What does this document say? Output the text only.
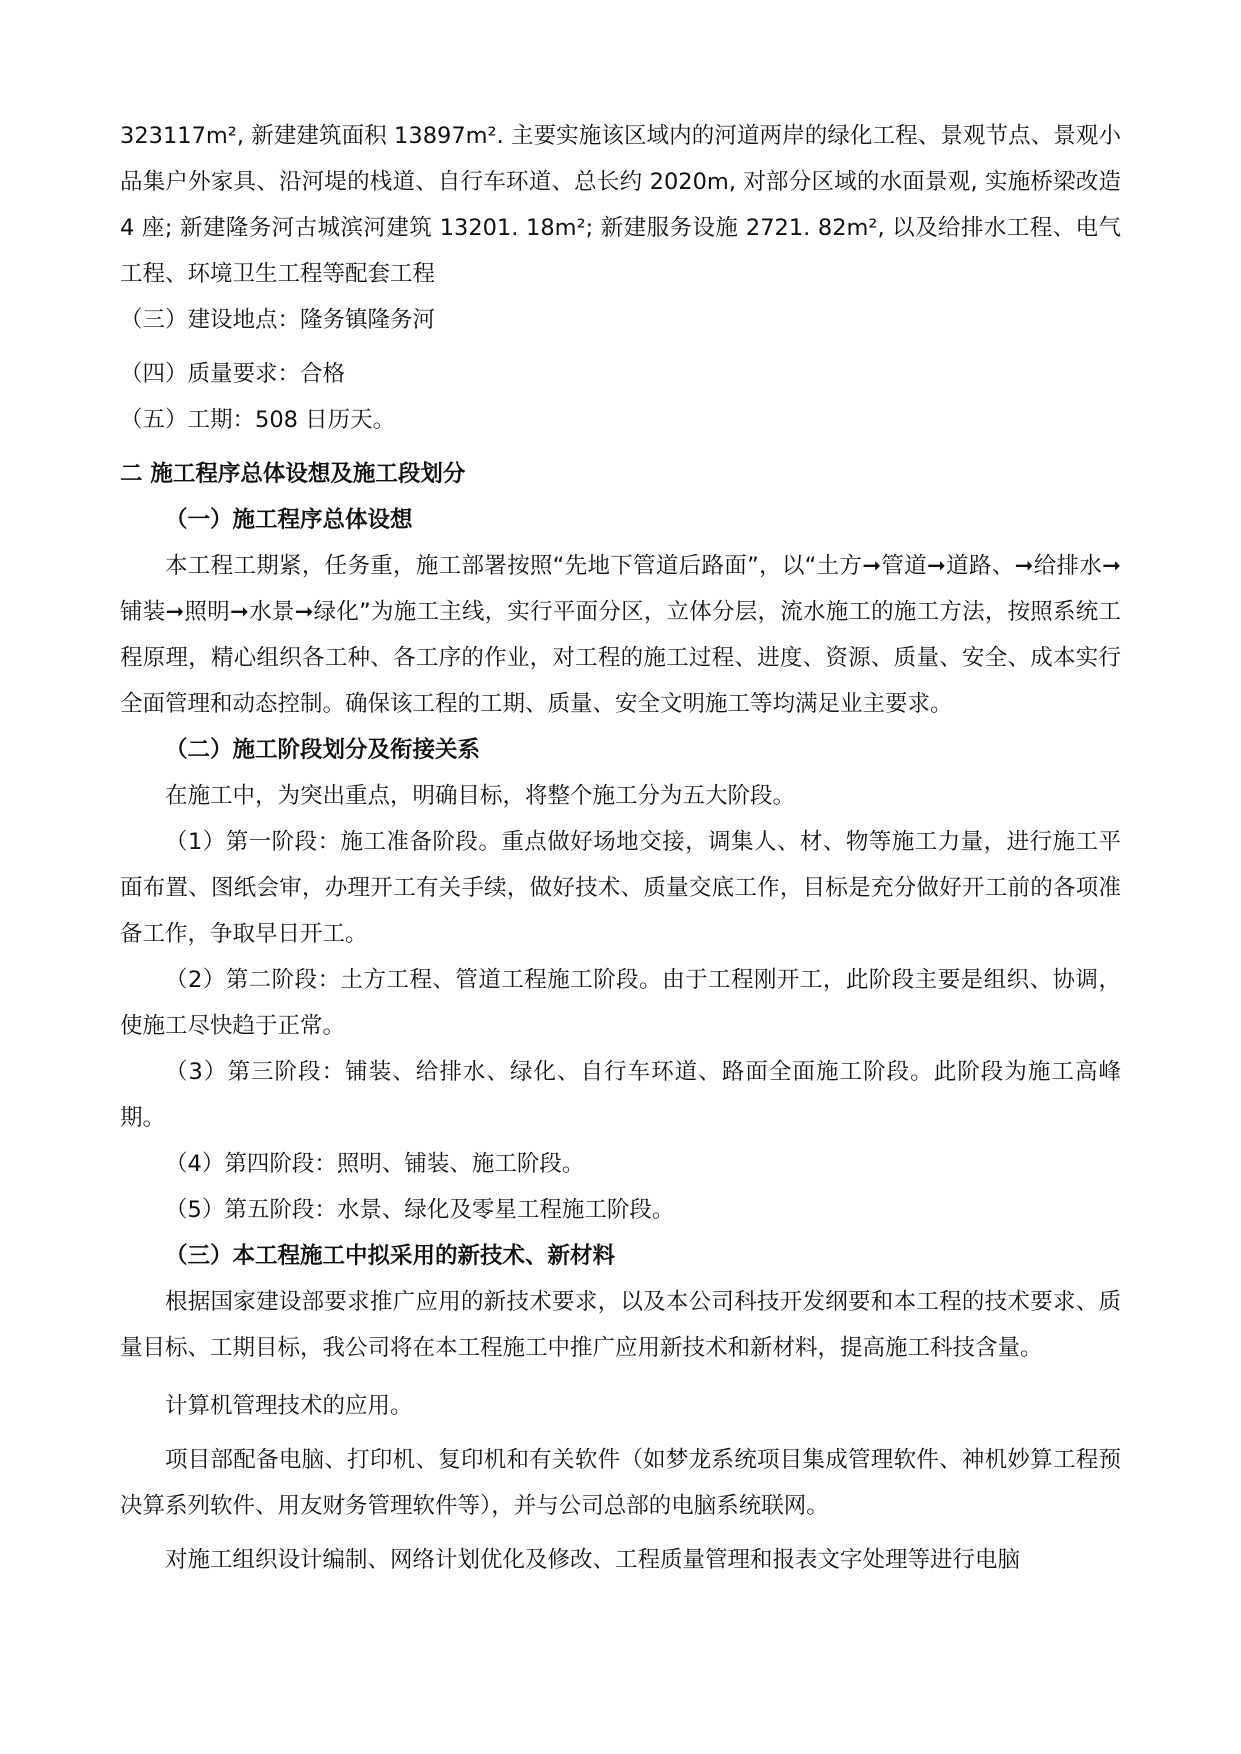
323117m², 新建建筑面积 13897m². 主要实施该区域内的河道两岸的绿化工程、景观节点、景观小品集户外家具、沿河堤的栈道、自行车环道、总长约 2020m, 对部分区域的水面景观, 实施桥梁改造 4 座; 新建隆务河古城滨河建筑 13201. 18m²; 新建服务设施 2721. 82m², 以及给排水工程、电气工程、环境卫生工程等配套工程

（三）建设地点：隆务镇隆务河

（四）质量要求：合格

（五）工期：508 日历天。

二 施工程序总体设想及施工段划分

（一）施工程序总体设想

本工程工期紧，任务重，施工部署按照“先地下管道后路面”，以“土方➞管道➞道路、➞给排水➞铺装➞照明➞水景➞绿化”为施工主线，实行平面分区，立体分层，流水施工的施工方法，按照系统工程原理，精心组织各工种、各工序的作业，对工程的施工过程、进度、资源、质量、安全、成本实行全面管理和动态控制。确保该工程的工期、质量、安全文明施工等均满足业主要求。

（二）施工阶段划分及衔接关系

在施工中，为突出重点，明确目标，将整个施工分为五大阶段。

（1）第一阶段：施工准备阶段。重点做好场地交接，调集人、材、物等施工力量，进行施工平面布置、图纸会审，办理开工有关手续，做好技术、质量交底工作，目标是充分做好开工前的各项准备工作，争取早日开工。

（2）第二阶段：土方工程、管道工程施工阶段。由于工程刚开工，此阶段主要是组织、协调，使施工尽快趋于正常。

（3）第三阶段：铺装、给排水、绿化、自行车环道、路面全面施工阶段。此阶段为施工高峰期。

（4）第四阶段：照明、铺装、施工阶段。

（5）第五阶段：水景、绿化及零星工程施工阶段。

（三）本工程施工中拟采用的新技术、新材料

根据国家建设部要求推广应用的新技术要求，以及本公司科技开发纲要和本工程的技术要求、质量目标、工期目标，我公司将在本工程施工中推广应用新技术和新材料，提高施工科技含量。

计算机管理技术的应用。

项目部配备电脑、打印机、复印机和有关软件（如梦龙系统项目集成管理软件、神机妙算工程预决算系列软件、用友财务管理软件等），并与公司总部的电脑系统联网。

对施工组织设计编制、网络计划优化及修改、工程质量管理和报表文字处理等进行电脑
